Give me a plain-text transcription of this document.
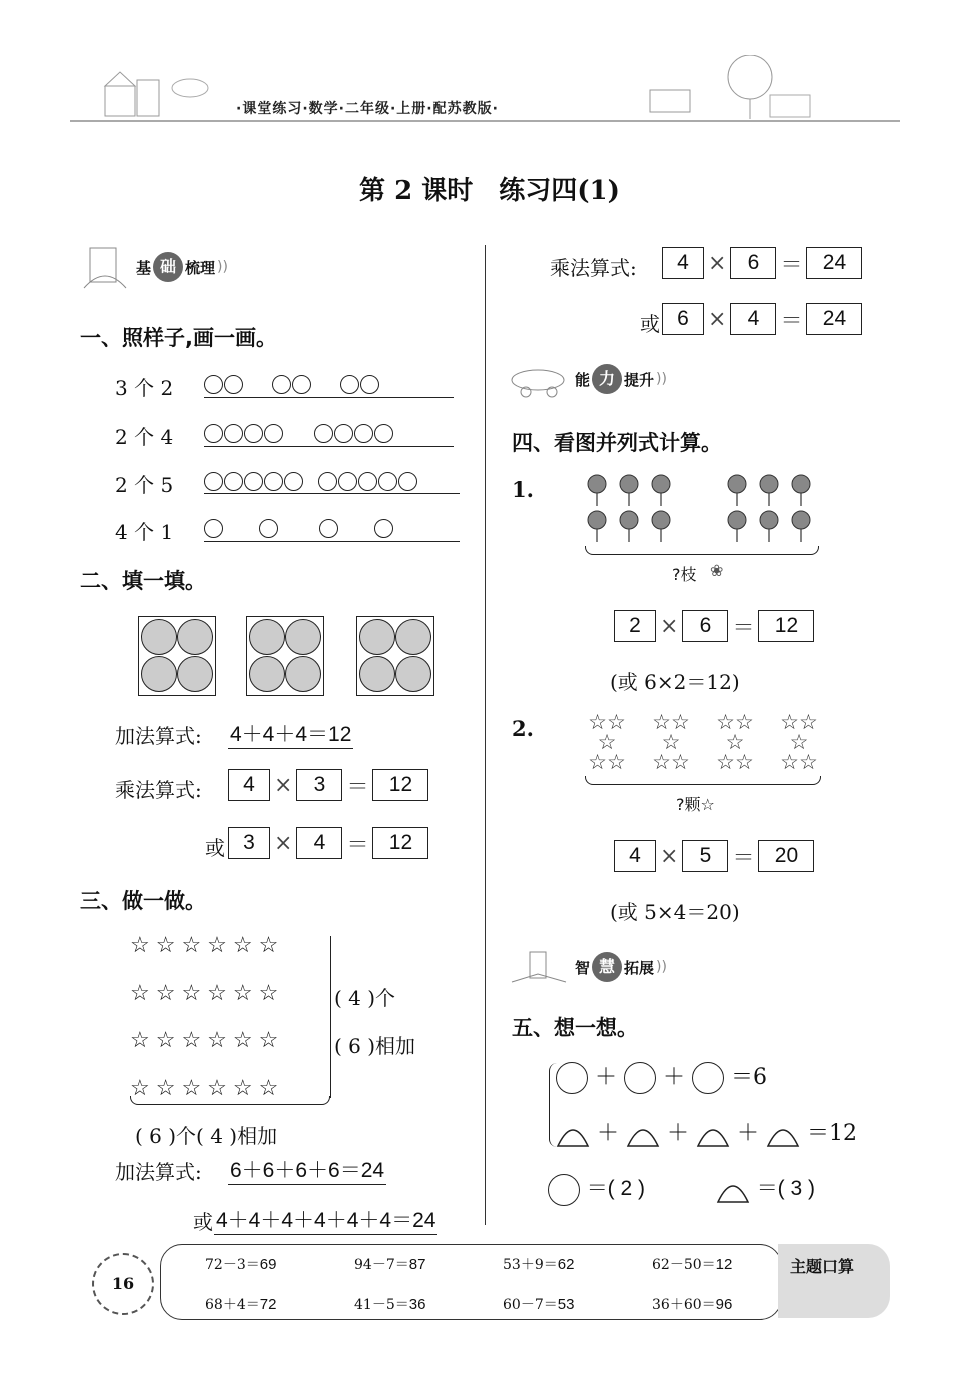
·课堂练习·数学·二年级·上册·配苏教版·
第 2 课时　练习四(1)
基 础 梳理 ))
一、照样子,画一画。
3 个 2

2 个 4

2 个 5

4 个 1

二、填一填。
加法算式: 4＋4＋4＝12
乘法算式:	4 × 3 ＝ 12
或 3 × 4 ＝ 12
三、做一做。
☆☆☆☆☆☆
☆☆☆☆☆☆
☆☆☆☆☆☆
☆☆☆☆☆☆
( 4 )个
( 6 )相加
( 6 )个( 4 )相加
加法算式: 6＋6＋6＋6＝24
或 4＋4＋4＋4＋4＋4＝24
乘法算式:	4 × 6 ＝ 24
或 6 × 4 ＝ 24
能 力 提升 ))
四、看图并列式计算。
1.
?枝 ❀
2 × 6 ＝ 12
(或 6×2＝12)
2.	☆☆
☆
☆☆
☆☆
☆
☆☆
☆☆
☆
☆☆
☆☆
☆
☆☆
?颗☆
4 × 5 ＝ 20
(或 5×4＝20)
智 慧 拓展 ))
五、想一想。
＋ ＋ ＝6
＋ ＋ ＋ ＝12
＝( 2 )	＝( 3 )
16
主题口算
72－3＝69	94－7＝87	53＋9＝62	62－50＝12
68＋4＝72	41－5＝36	60－7＝53	36＋60＝96
